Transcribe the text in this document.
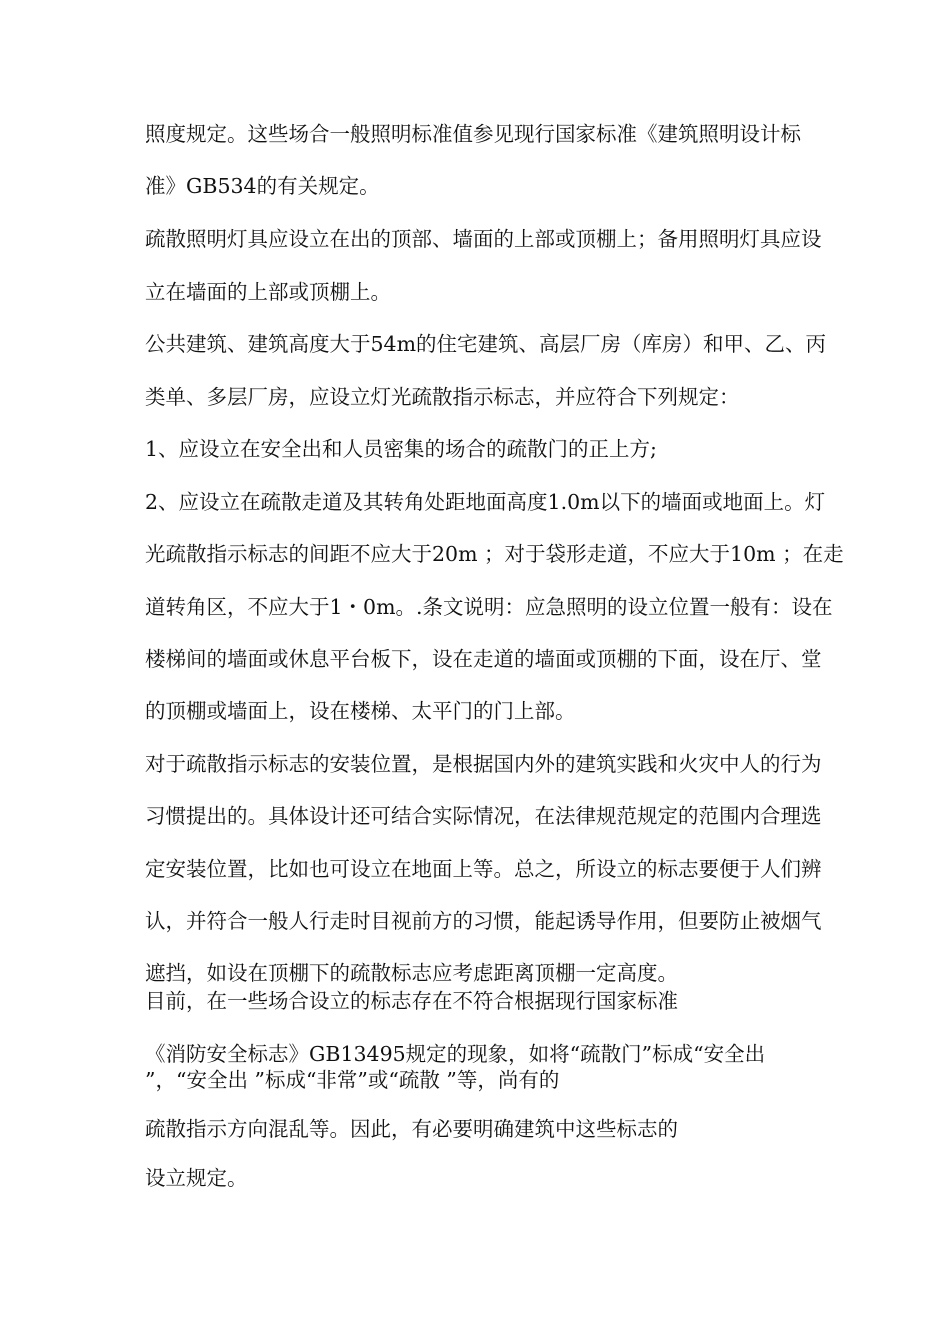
照度规定。这些场合一般照明标准值参见现行国家标准《建筑照明设计标

准》GB534的有关规定。

疏散照明灯具应设立在出的顶部、墙面的上部或顶棚上；备用照明灯具应设

立在墙面的上部或顶棚上。

公共建筑、建筑高度大于54m的住宅建筑、高层厂房（库房）和甲、乙、丙

类单、多层厂房，应设立灯光疏散指示标志，并应符合下列规定：

1、应设立在安全出和人员密集的场合的疏散门的正上方;

2、应设立在疏散走道及其转角处距地面高度1.0m以下的墙面或地面上。灯

光疏散指示标志的间距不应大于20m ；对于袋形走道，不应大于10m ；在走

道转角区，不应大于1・0m。.条文说明：应急照明的设立位置一般有：设在

楼梯间的墙面或休息平台板下，设在走道的墙面或顶棚的下面，设在厅、堂

的顶棚或墙面上，设在楼梯、太平门的门上部。

对于疏散指示标志的安装位置，是根据国内外的建筑实践和火灾中人的行为

习惯提出的。具体设计还可结合实际情况，在法律规范规定的范围内合理选

定安装位置，比如也可设立在地面上等。总之，所设立的标志要便于人们辨

认，并符合一般人行走时目视前方的习惯，能起诱导作用，但要防止被烟气

遮挡，如设在顶棚下的疏散标志应考虑距离顶棚一定高度。

目前，在一些场合设立的标志存在不符合根据现行国家标准

《消防安全标志》GB13495规定的现象，如将“疏散门”标成“安全出

”，“安全出 ”标成“非常”或“疏散 ”等，尚有的

疏散指示方向混乱等。因此，有必要明确建筑中这些标志的

设立规定。
